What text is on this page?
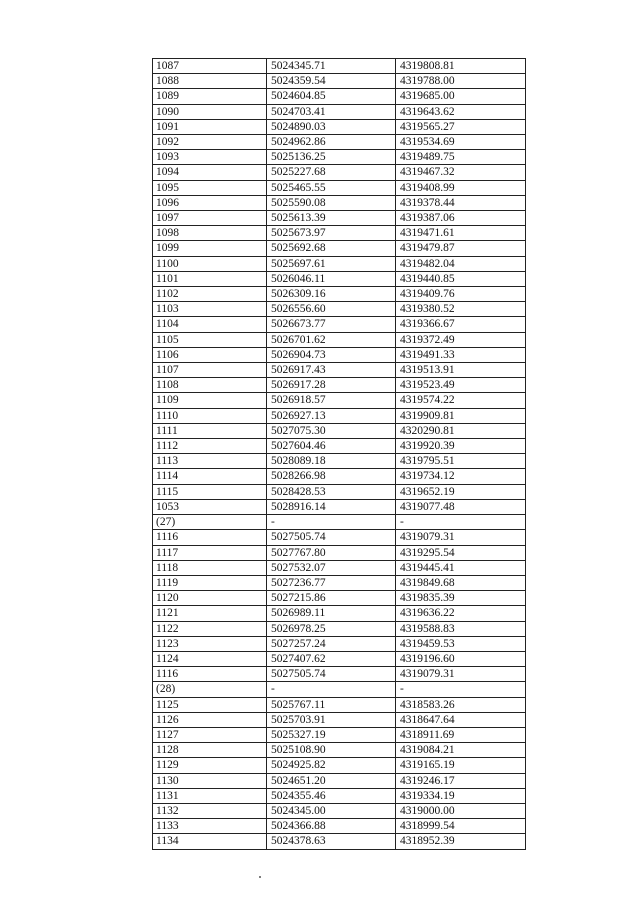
1087	5024345.71	4319808.81
1088	5024359.54	4319788.00
1089	5024604.85	4319685.00
1090	5024703.41	4319643.62
1091	5024890.03	4319565.27
1092	5024962.86	4319534.69
1093	5025136.25	4319489.75
1094	5025227.68	4319467.32
1095	5025465.55	4319408.99
1096	5025590.08	4319378.44
1097	5025613.39	4319387.06
1098	5025673.97	4319471.61
1099	5025692.68	4319479.87
1100	5025697.61	4319482.04
1101	5026046.11	4319440.85
1102	5026309.16	4319409.76
1103	5026556.60	4319380.52
1104	5026673.77	4319366.67
1105	5026701.62	4319372.49
1106	5026904.73	4319491.33
1107	5026917.43	4319513.91
1108	5026917.28	4319523.49
1109	5026918.57	4319574.22
1110	5026927.13	4319909.81
1111	5027075.30	4320290.81
1112	5027604.46	4319920.39
1113	5028089.18	4319795.51
1114	5028266.98	4319734.12
1115	5028428.53	4319652.19
1053	5028916.14	4319077.48
(27)	-	-
1116	5027505.74	4319079.31
1117	5027767.80	4319295.54
1118	5027532.07	4319445.41
1119	5027236.77	4319849.68
1120	5027215.86	4319835.39
1121	5026989.11	4319636.22
1122	5026978.25	4319588.83
1123	5027257.24	4319459.53
1124	5027407.62	4319196.60
1116	5027505.74	4319079.31
(28)	-	-
1125	5025767.11	4318583.26
1126	5025703.91	4318647.64
1127	5025327.19	4318911.69
1128	5025108.90	4319084.21
1129	5024925.82	4319165.19
1130	5024651.20	4319246.17
1131	5024355.46	4319334.19
1132	5024345.00	4319000.00
1133	5024366.88	4318999.54
1134	5024378.63	4318952.39
